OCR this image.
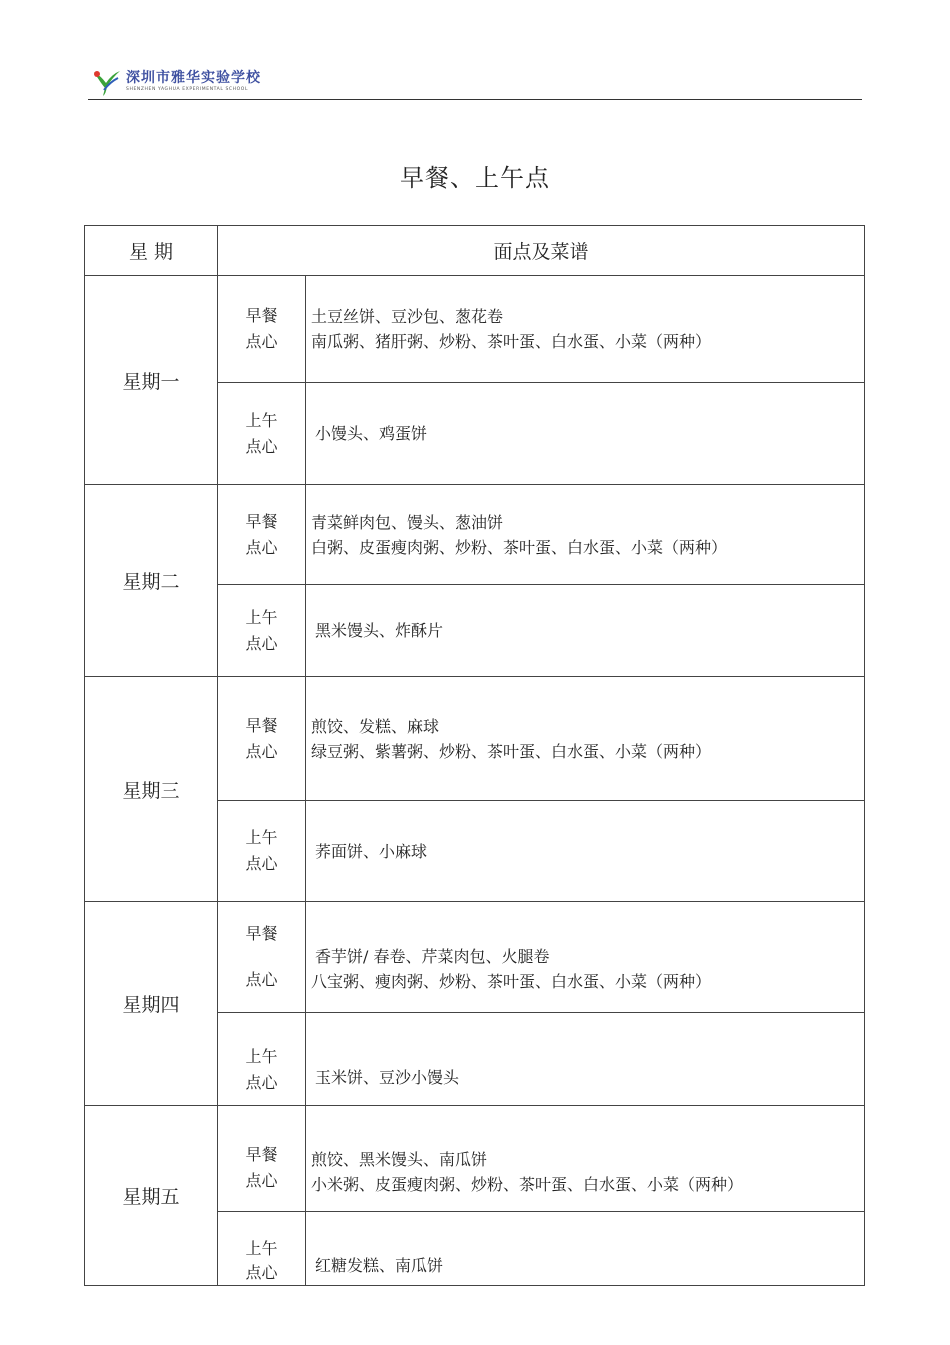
深圳市雅华实验学校
SHENZHEN YAGHUA EXPERIMENTAL SCHOOL
早餐、上午点
星 期	面点及菜谱	
星期一	早餐
点心	土豆丝饼、豆沙包、葱花卷
南瓜粥、猪肝粥、炒粉、茶叶蛋、白水蛋、小菜（两种）

	上午
点心	小馒头、鸡蛋饼
星期二	早餐
点心	青菜鲜肉包、馒头、葱油饼
白粥、皮蛋瘦肉粥、炒粉、茶叶蛋、白水蛋、小菜（两种）

	上午
点心	黑米馒头、炸酥片
星期三	早餐
点心	煎饺、发糕、麻球
绿豆粥、紫薯粥、炒粉、茶叶蛋、白水蛋、小菜（两种）

	上午
点心	荞面饼、小麻球
星期四	早餐
点心	香芋饼/ 春卷、芹菜肉包、火腿卷
八宝粥、瘦肉粥、炒粉、茶叶蛋、白水蛋、小菜（两种）

	上午
点心	玉米饼、豆沙小馒头
星期五	早餐
点心	煎饺、黑米馒头、南瓜饼
小米粥、皮蛋瘦肉粥、炒粉、茶叶蛋、白水蛋、小菜（两种）

	上午
点心	红糖发糕、南瓜饼
